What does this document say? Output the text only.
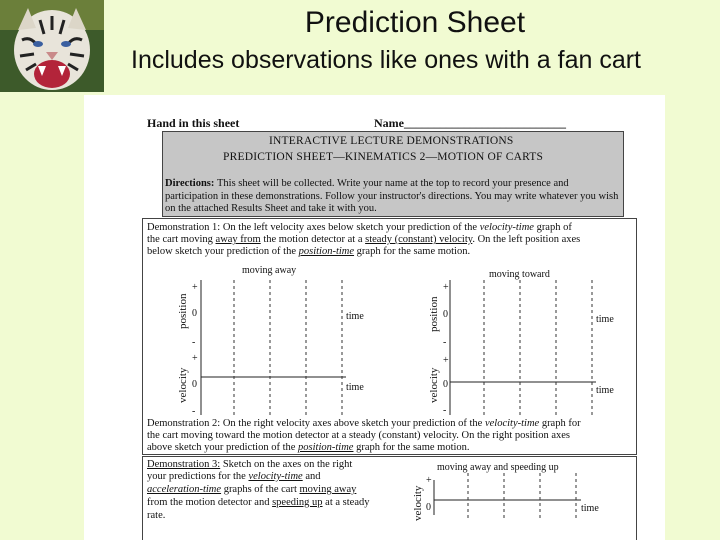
Prediction Sheet
Includes observations like ones with a fan cart
Hand in this sheet	Name___________________________
INTERACTIVE LECTURE DEMONSTRATIONS
PREDICTION SHEET—KINEMATICS 2—MOTION OF CARTS
Directions: This sheet will be collected. Write your name at the top to record your presence and participation in these demonstrations. Follow your instructor's directions. You may write whatever you wish on the attached Results Sheet and take it with you.
Demonstration 1: On the left velocity axes below sketch your prediction of the velocity-time graph of
the cart moving away from the motion detector at a steady (constant) velocity. On the left position axes
below sketch your prediction of the position-time graph for the same motion.
moving away
position
+
0
-
time
velocity
+
0
-
time
moving toward
position
+
0
-
time
velocity
+
0
-
time
Demonstration 2: On the right velocity axes above sketch your prediction of the velocity-time graph for
the cart moving toward the motion detector at a steady (constant) velocity. On the right position axes
above sketch your prediction of the position-time graph for the same motion.
Demonstration 3: Sketch on the axes on the right
your predictions for the velocity-time and
acceleration-time graphs of the cart moving away
from the motion detector and speeding up at a steady
rate.
moving away and speeding up
velocity
+
0	time
